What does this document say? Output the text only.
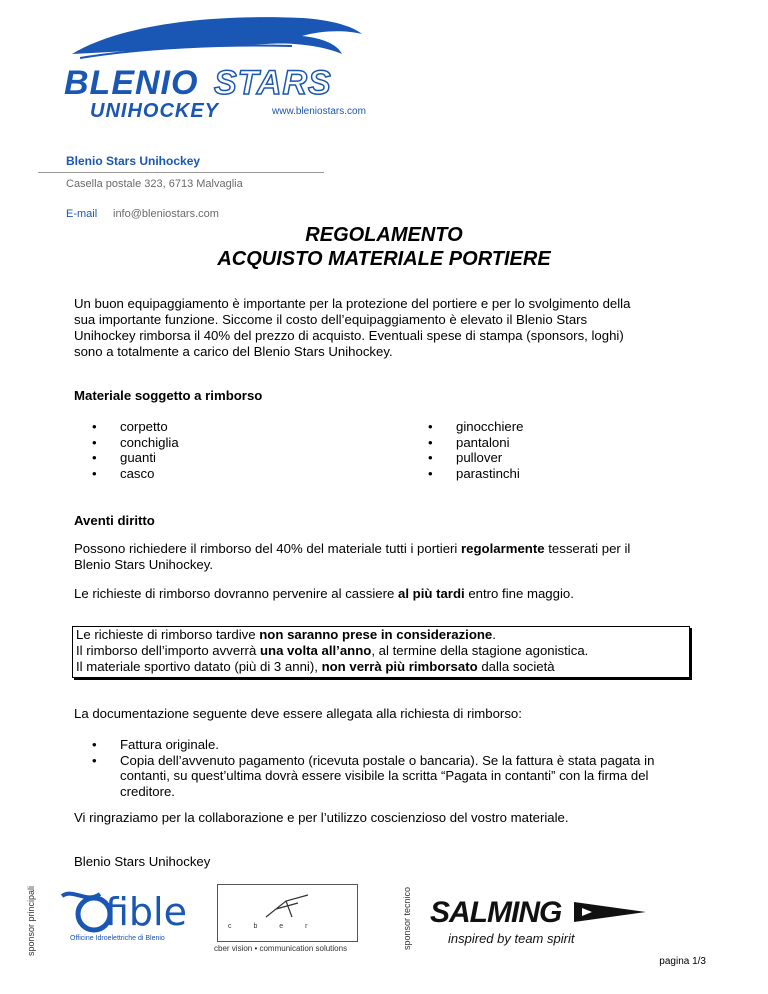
BLENIO STARS
UNIHOCKEY	www.bleniostars.com
Blenio Stars Unihockey
Casella postale 323, 6713 Malvaglia
E-mail info@bleniostars.com
REGOLAMENTO
ACQUISTO MATERIALE PORTIERE
Un buon equipaggiamento è importante per la protezione del portiere e per lo svolgimento della
sua importante funzione. Siccome il costo dell’equipaggiamento è elevato il Blenio Stars
Unihockey rimborsa il 40% del prezzo di acquisto. Eventuali spese di stampa (sponsors, loghi)
sono a totalmente a carico del Blenio Stars Unihockey.
Materiale soggetto a rimborso
• corpetto
• conchiglia
• guanti
• casco
• ginocchiere
• pantaloni
• pullover
• parastinchi
Aventi diritto
Possono richiedere il rimborso del 40% del materiale tutti i portieri regolarmente tesserati per il
Blenio Stars Unihockey.
Le richieste di rimborso dovranno pervenire al cassiere al più tardi entro fine maggio.
Le richieste di rimborso tardive non saranno prese in considerazione.
Il rimborso dell’importo avverrà una volta all’anno, al termine della stagione agonistica.
Il materiale sportivo datato (più di 3 anni), non verrà più rimborsato dalla società
La documentazione seguente deve essere allegata alla richiesta di rimborso:
• Fattura originale.
• Copia dell’avvenuto pagamento (ricevuta postale o bancaria). Se la fattura è stata pagata in
contanti, su quest’ultima dovrà essere visibile la scritta “Pagata in contanti” con la firma del
creditore.
Vi ringraziamo per la collaborazione e per l’utilizzo coscienzioso del vostro materiale.
Blenio Stars Unihockey
sponsor principali fible
Officine Idroelettriche di Blenio
c b e r
cber vision • communication solutions	sponsor tecnico SALMING
inspired by team spirit
pagina 1/3
